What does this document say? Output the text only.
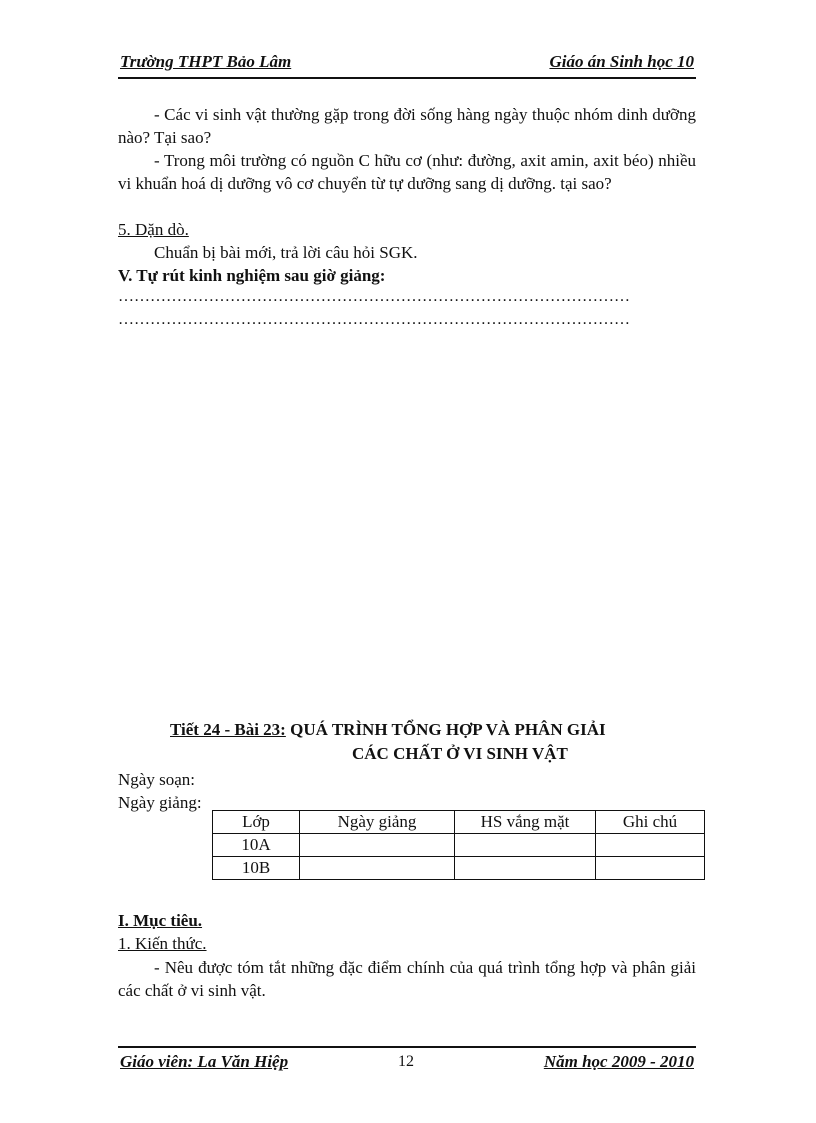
Trường THPT Bảo Lâm	Giáo án Sinh học 10
- Các vi sinh vật thường gặp trong đời sống hàng ngày thuộc nhóm dinh dưỡng nào? Tại sao?
- Trong môi trường có nguồn C hữu cơ (như: đường, axit amin, axit béo) nhiều vi khuẩn hoá dị dưỡng vô cơ chuyển từ tự dưỡng sang dị dưỡng. tại sao?
5. Dặn dò.
Chuẩn bị bài mới, trả lời câu hỏi SGK.
V. Tự rút kinh nghiệm sau giờ giảng:
……………………………………………………………………………………
……………………………………………………………………………………
Tiết 24 - Bài 23: QUÁ TRÌNH TỔNG HỢP VÀ PHÂN GIẢI
CÁC CHẤT Ở VI SINH VẬT
Ngày soạn:
Ngày giảng:
Lớp	Ngày giảng	HS vắng mặt	Ghi chú
10A			
10B			
I. Mục tiêu.
1. Kiến thức.
- Nêu được tóm tắt những đặc điểm chính của quá trình tổng hợp và phân giải các chất ở vi sinh vật.
Giáo viên: La Văn Hiệp	12	Năm học 2009 - 2010
